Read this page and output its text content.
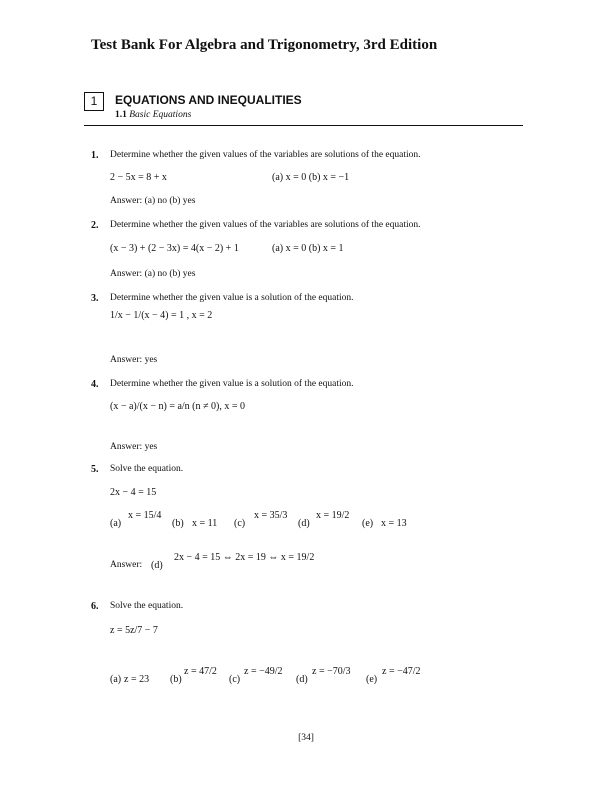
Test Bank For Algebra and Trigonometry, 3rd Edition
1	EQUATIONS AND INEQUALITIES
1.1 Basic Equations
1. Determine whether the given values of the variables are solutions of the equation.
2 − 5x = 8 + x	(a) x = 0 (b) x = −1
Answer: (a) no (b) yes
2. Determine whether the given values of the variables are solutions of the equation.
(x − 3) + (2 − 3x) = 4(x − 2) + 1	(a) x = 0 (b) x = 1
Answer: (a) no (b) yes
3. Determine whether the given value is a solution of the equation.
1/x − 1/(x − 4) = 1 , x = 2
Answer: yes
4. Determine whether the given value is a solution of the equation.
(x − a)/(x − n) = a/n (n ≠ 0), x = 0
Answer: yes
5. Solve the equation.
2x − 4 = 15
(a)
x = 15/4
(b) x = 11 (c)
x = 35/3
(d)
x = 19/2
(e) x = 13
Answer: (d)
2x − 4 = 15 ⇔ 2x = 19 ⇔ x = 19/2
6. Solve the equation.
z = 5z/7 − 7
(a) z = 23 (b)
z = 47/2
(c)
z = −49/2
(d)
z = −70/3
(e)
z = −47/2
[34]
